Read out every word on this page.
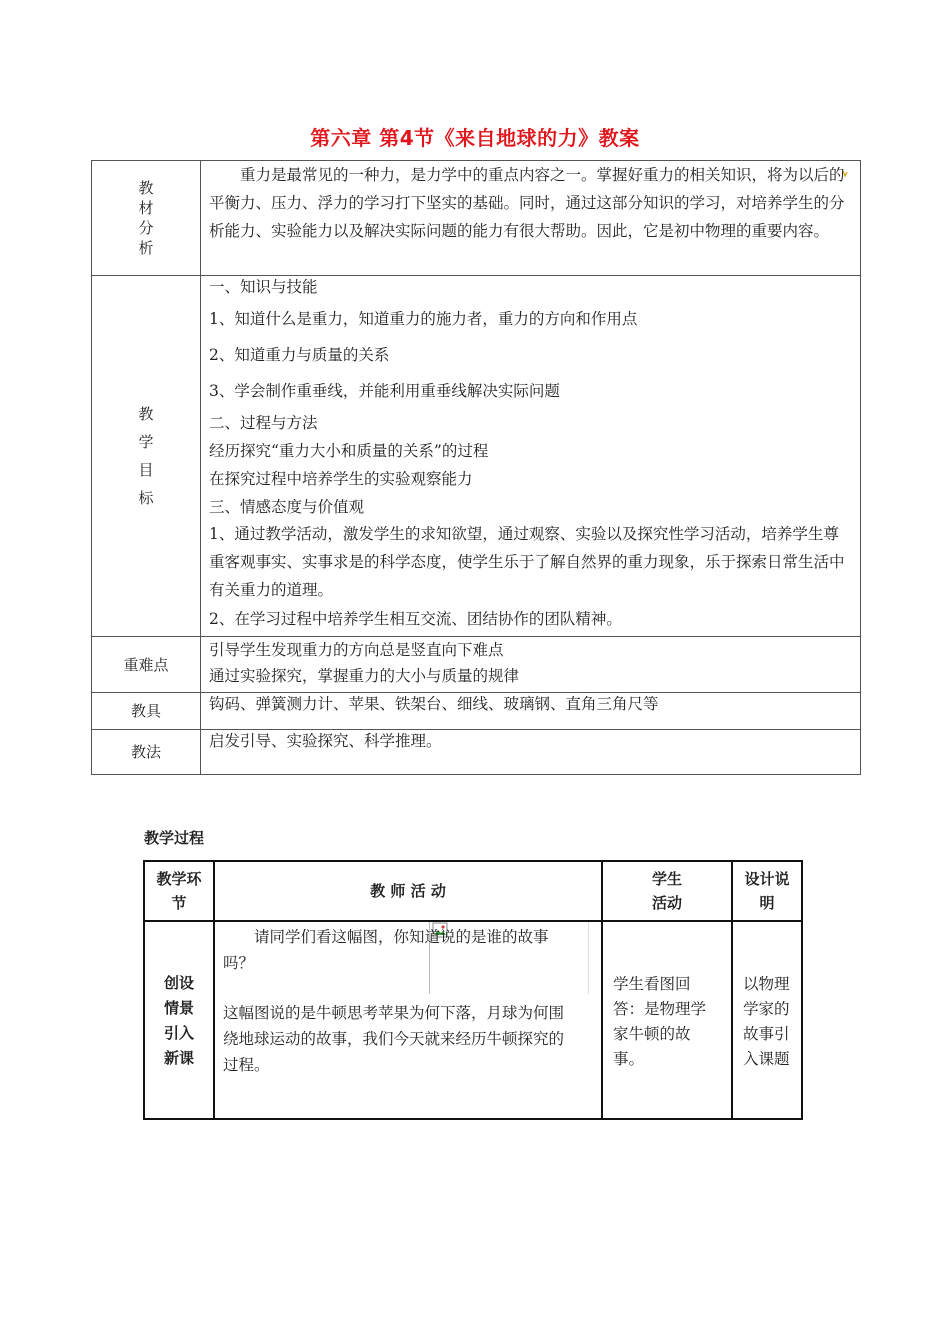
第六章 第4节《来自地球的力》教案
教
材
分
析

重力是最常见的一种力，是力学中的重点内容之一。掌握好重力的相关知识，将为以后的平衡力、压力、浮力的学习打下坚实的基础。同时，通过这部分知识的学习，对培养学生的分析能力、实验能力以及解决实际问题的能力有很大帮助。因此，它是初中物理的重要内容。

教
学
目
标

一、知识与技能

1、知道什么是重力，知道重力的施力者，重力的方向和作用点

2、知道重力与质量的关系

3、学会制作重垂线，并能利用重垂线解决实际问题

二、过程与方法

经历探究“重力大小和质量的关系”的过程

在探究过程中培养学生的实验观察能力

三、情感态度与价值观

1、通过教学活动，激发学生的求知欲望，通过观察、实验以及探究性学习活动，培养学生尊重客观事实、实事求是的科学态度，使学生乐于了解自然界的重力现象，乐于探索日常生活中有关重力的道理。

2、在学习过程中培养学生相互交流、团结协作的团队精神。

重难点

引导学生发现重力的方向总是竖直向下难点

通过实验探究，掌握重力的大小与质量的规律

教具	钩码、弹簧测力计、苹果、铁架台、细线、玻璃钢、直角三角尺等

教法

启发引导、实验探究、科学推理。

教学过程
教学环
节
教 师 活 动
学生
活动
设计说
明
创设
情景
引入
新课

请同学们看这幅图，你知道说的是谁的故事

吗？

这幅图说的是牛顿思考苹果为何下落，月球为何围

绕地球运动的故事，我们今天就来经历牛顿探究的

过程。

学生看图回

答：是物理学

家牛顿的故

事。

以物理

学家的

故事引

入课题
